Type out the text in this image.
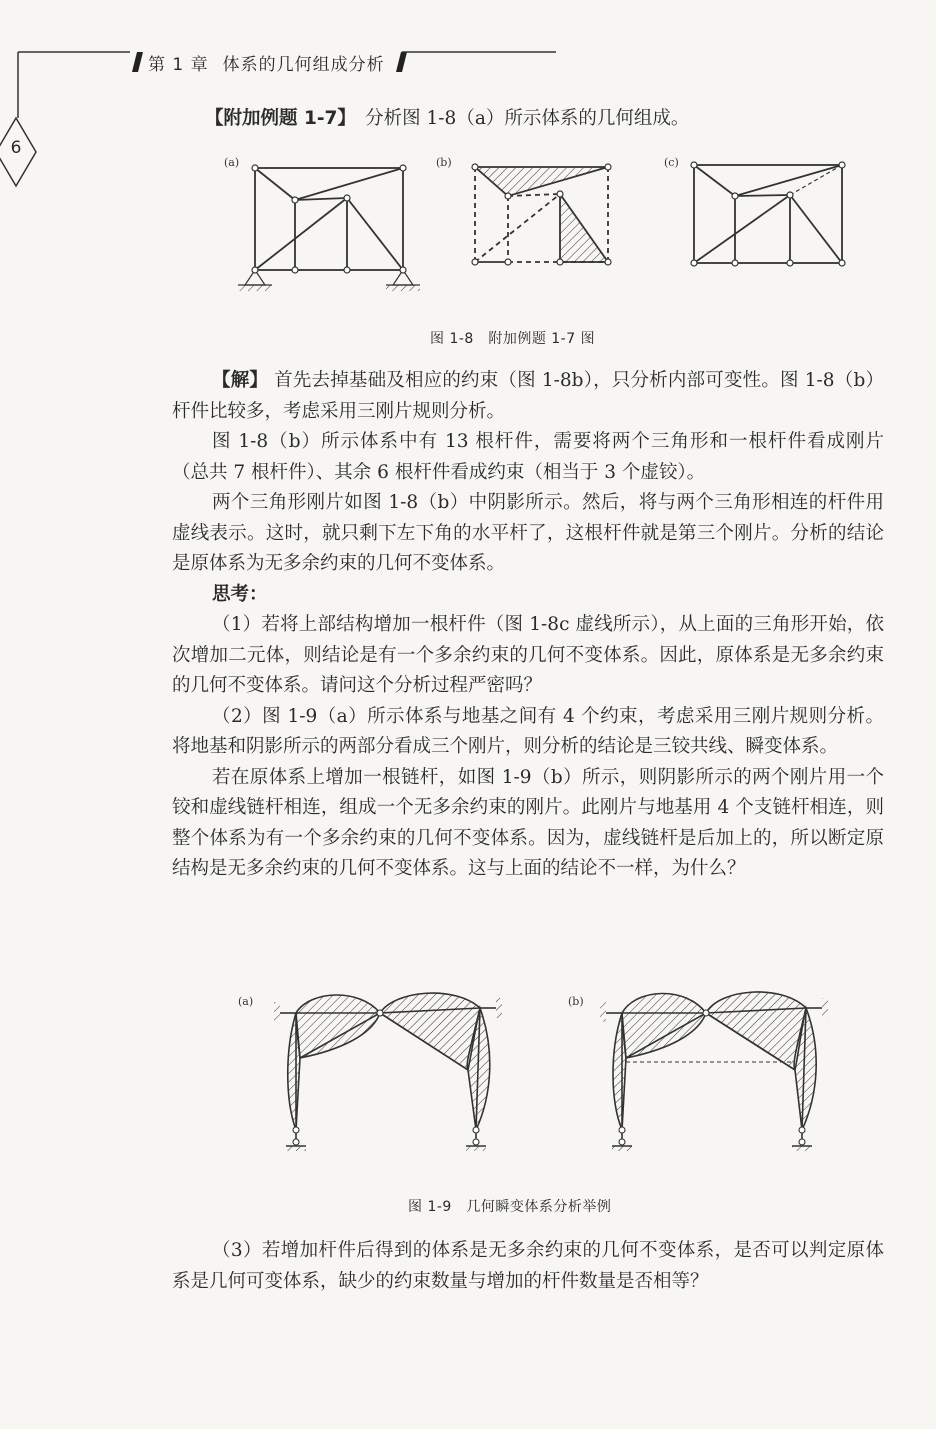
第 1 章 体系的几何组成分析
6
【附加例题 1-7】　 分析图 1-8（a）所示体系的几何组成。
(a)	(b)	(c)
图 1-8　附加例题 1-7 图

【解】 首先去掉基础及相应的约束（图 1-8b），只分析内部可变性。图 1-8（b）杆件比较多，考虑采用三刚片规则分析。

图 1-8（b）所示体系中有 13 根杆件，需要将两个三角形和一根杆件看成刚片（总共 7 根杆件）、其余 6 根杆件看成约束（相当于 3 个虚铰）。

两个三角形刚片如图 1-8（b）中阴影所示。然后，将与两个三角形相连的杆件用虚线表示。这时，就只剩下左下角的水平杆了，这根杆件就是第三个刚片。分析的结论是原体系为无多余约束的几何不变体系。

思考：

（1）若将上部结构增加一根杆件（图 1-8c 虚线所示），从上面的三角形开始，依次增加二元体，则结论是有一个多余约束的几何不变体系。因此，原体系是无多余约束的几何不变体系。请问这个分析过程严密吗？

（2）图 1-9（a）所示体系与地基之间有 4 个约束，考虑采用三刚片规则分析。将地基和阴影所示的两部分看成三个刚片，则分析的结论是三铰共线、瞬变体系。

若在原体系上增加一根链杆，如图 1-9（b）所示，则阴影所示的两个刚片用一个铰和虚线链杆相连，组成一个无多余约束的刚片。此刚片与地基用 4 个支链杆相连，则整个体系为有一个多余约束的几何不变体系。因为，虚线链杆是后加上的，所以断定原结构是无多余约束的几何不变体系。这与上面的结论不一样，为什么？

(a)	(b)
图 1-9　几何瞬变体系分析举例

（3）若增加杆件后得到的体系是无多余约束的几何不变体系，是否可以判定原体系是几何可变体系，缺少的约束数量与增加的杆件数量是否相等？
